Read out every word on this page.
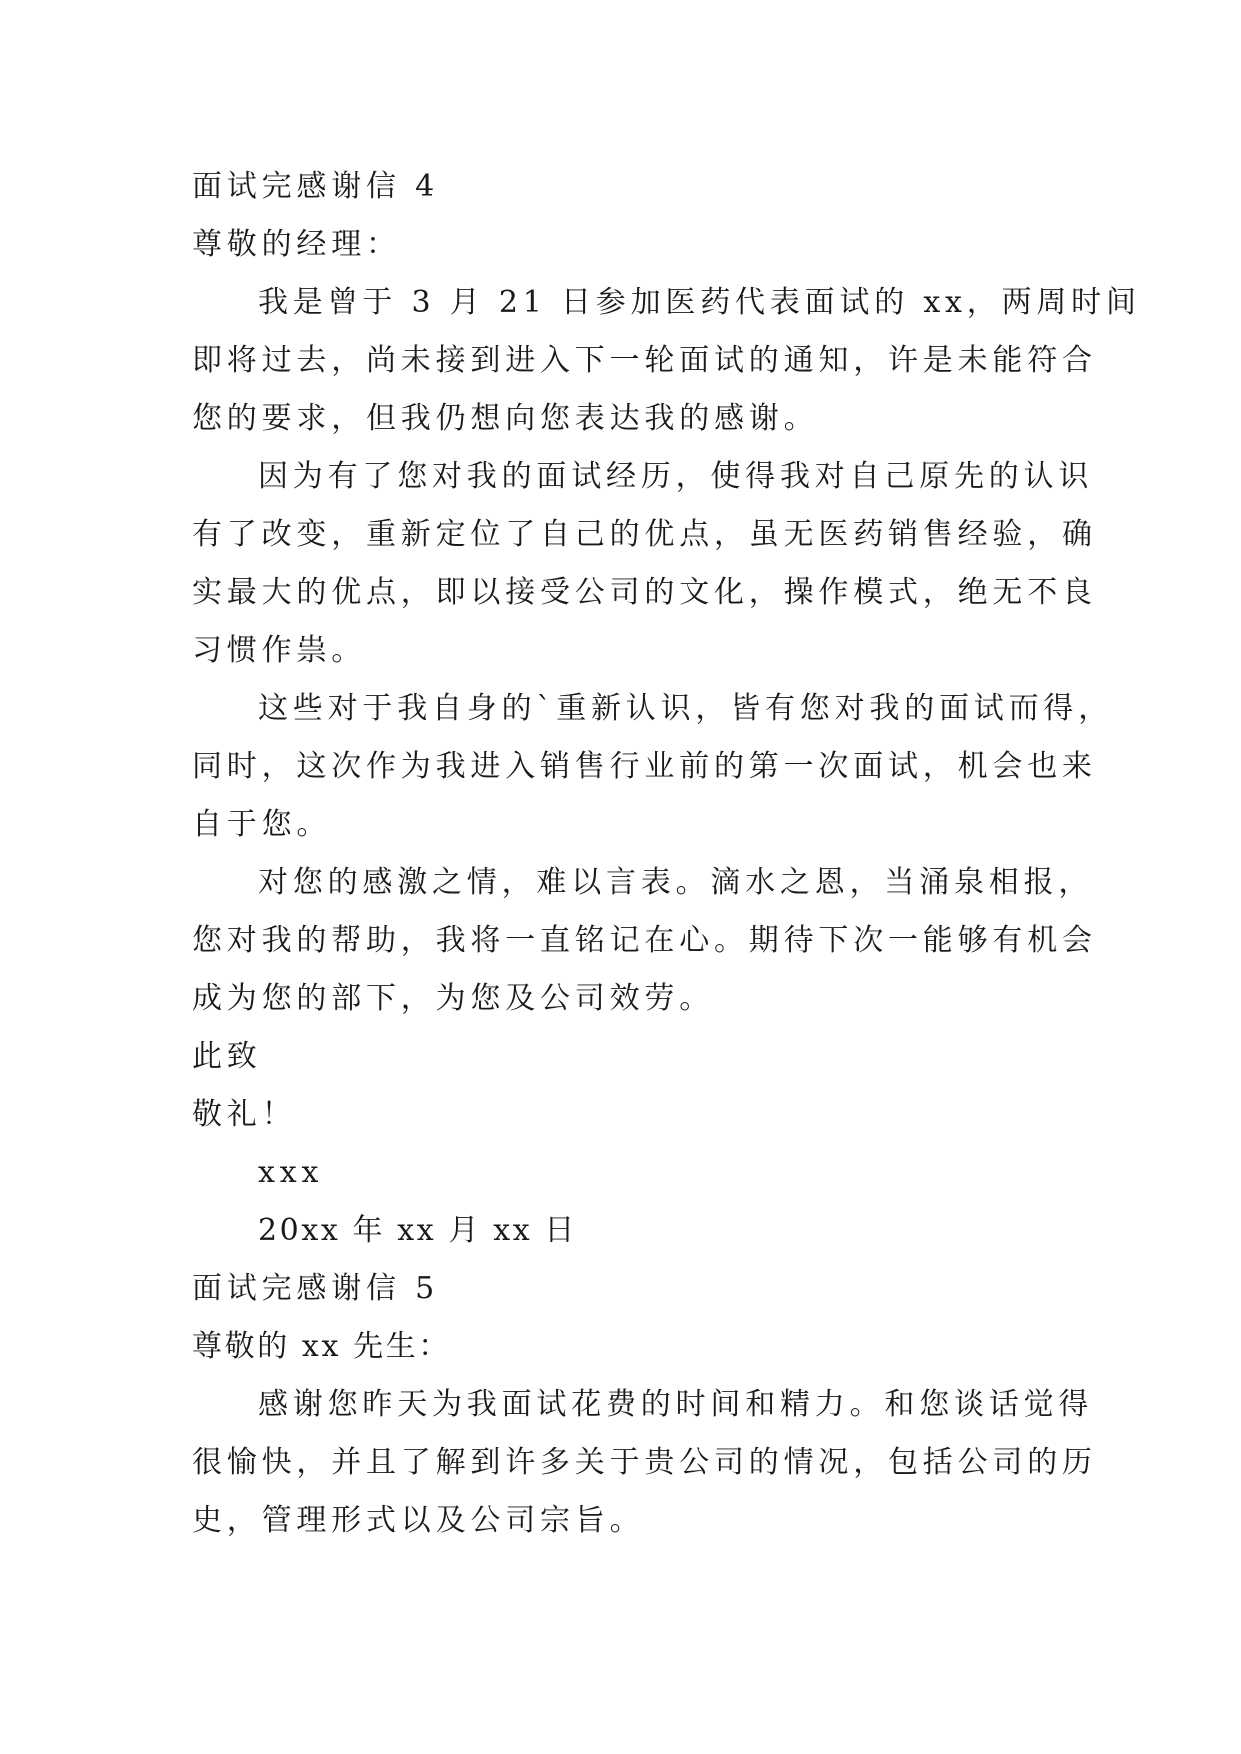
面试完感谢信 4
尊敬的经理：
我是曾于 3 月 21 日参加医药代表面试的 xx，两周时间
即将过去，尚未接到进入下一轮面试的通知，许是未能符合
您的要求，但我仍想向您表达我的感谢。
因为有了您对我的面试经历，使得我对自己原先的认识
有了改变，重新定位了自己的优点，虽无医药销售经验，确
实最大的优点，即以接受公司的文化，操作模式，绝无不良
习惯作祟。
这些对于我自身的`重新认识，皆有您对我的面试而得，
同时，这次作为我进入销售行业前的第一次面试，机会也来
自于您。
对您的感激之情，难以言表。滴水之恩，当涌泉相报，
您对我的帮助，我将一直铭记在心。期待下次一能够有机会
成为您的部下，为您及公司效劳。
此致
敬礼！
xxx
20xx 年 xx 月 xx 日
面试完感谢信 5
尊敬的 xx 先生：
感谢您昨天为我面试花费的时间和精力。和您谈话觉得
很愉快，并且了解到许多关于贵公司的情况，包括公司的历
史，管理形式以及公司宗旨。
